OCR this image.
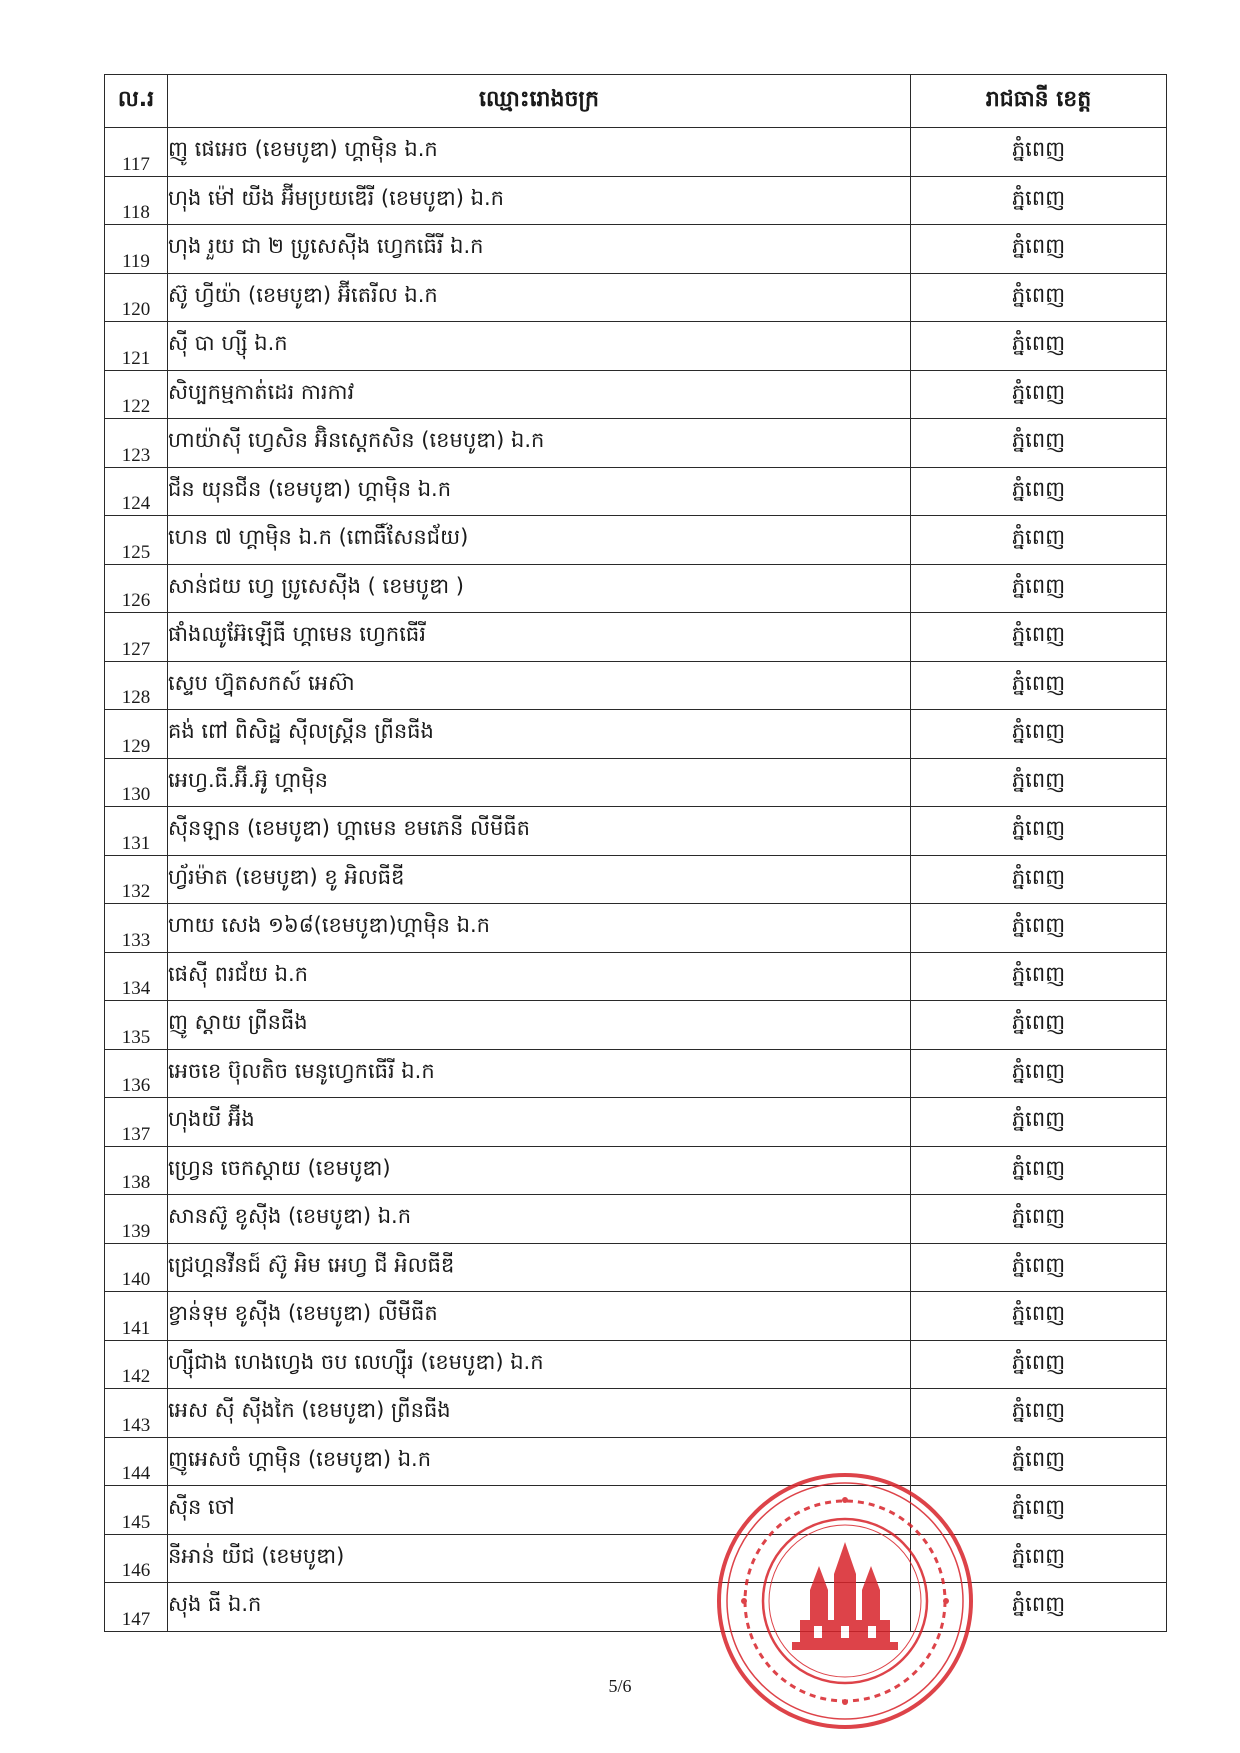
ល.រ	ឈ្មោះរោងចក្រ	រាជធានី ខេត្ត
117	ញូ ផេអេច (ខេមបូឌា) ហ្គាម៉ិន ឯ.ក	ភ្នំពេញ
118	ហុង ម៉ៅ យីង អ៊ីមប្រយឌើរី (ខេមបូឌា) ឯ.ក	ភ្នំពេញ
119	ហុង រួយ ជា ២ ប្រូសេស៊ីង ហ្វេកធើរី ឯ.ក	ភ្នំពេញ
120	ស៊ូ ហ្វីយ៉ា (ខេមបូឌា) អ៊ីតេរីល ឯ.ក	ភ្នំពេញ
121	ស៊ី បា ហ្ស៊ី ឯ.ក	ភ្នំពេញ
122	សិប្បកម្មកាត់ដេរ ការកាវ	ភ្នំពេញ
123	ហាយ៉ាស៊ី ហ្វេសិន អ៊ិនស្តេកសិន (ខេមបូឌា) ឯ.ក	ភ្នំពេញ
124	ជីន យុនជីន (ខេមបូឌា) ហ្គាម៉ិន ឯ.ក	ភ្នំពេញ
125	ហេន ៧ ហ្គាម៉ិន ឯ.ក (ពោធិ៍សែនជ័យ)	ភ្នំពេញ
126	សាន់ជយ ហ្វេ ប្រូសេស៊ីង ( ខេមបូឌា )	ភ្នំពេញ
127	ផាំងឈូអ៊ែឡើធី ហ្គាមេន ហ្វេកធើរី	ភ្នំពេញ
128	ស្ទេប ហ្វ៊ុតសកស៍ អេស៊ា	ភ្នំពេញ
129	គង់ ពៅ ពិសិដ្ឋ ស៊ីលស្គ្រីន ព្រីនធីង	ភ្នំពេញ
130	អេហ្វ.ធី.អ៊ី.អ៊ូ ហ្គាម៉ិន	ភ្នំពេញ
131	ស៊ីនឡាន (ខេមបូឌា) ហ្គាមេន ខមភេនី លីមីធីត	ភ្នំពេញ
132	ហ្វ័រម៉ាត (ខេមបូឌា) ខូ អិលធីឌី	ភ្នំពេញ
133	ហាយ សេង ១៦៨(ខេមបូឌា)ហ្គាម៉ិន ឯ.ក	ភ្នំពេញ
134	ផេស៊ី ពរជ័យ ឯ.ក	ភ្នំពេញ
135	ញូ ស្តាយ ព្រីនធីង	ភ្នំពេញ
136	អេចខេ ប៊ុលតិច មេនូហ្វេកធើរី ឯ.ក	ភ្នំពេញ
137	ហុងយី អ៊ីង	ភ្នំពេញ
138	ហ្វ្រេន ចេកស្តាយ (ខេមបូឌា)	ភ្នំពេញ
139	សានស៊ូ ខូស៊ីង (ខេមបូឌា) ឯ.ក	ភ្នំពេញ
140	ជ្រេហ្គនវីនជ៍ ស៊ូ អិម អេហ្វ ជី អិលធីឌី	ភ្នំពេញ
141	ខ្វាន់ទុម ខូស៊ីង (ខេមបូឌា) លីមីធីត	ភ្នំពេញ
142	ហ្ស៊ីជាង ហេងហ្វេង ចប លេហ្ស៊ីរ (ខេមបូឌា) ឯ.ក	ភ្នំពេញ
143	អេស ស៊ី ស៊ីងកៃ (ខេមបូឌា) ព្រីនធីង	ភ្នំពេញ
144	ញូអេសចំ ហ្គាម៉ិន (ខេមបូឌា) ឯ.ក	ភ្នំពេញ
145	ស៊ីន ចៅ	ភ្នំពេញ
146	នីអាន់ យីជ (ខេមបូឌា)	ភ្នំពេញ
147	សុង ធី ឯ.ក	ភ្នំពេញ
5/6
